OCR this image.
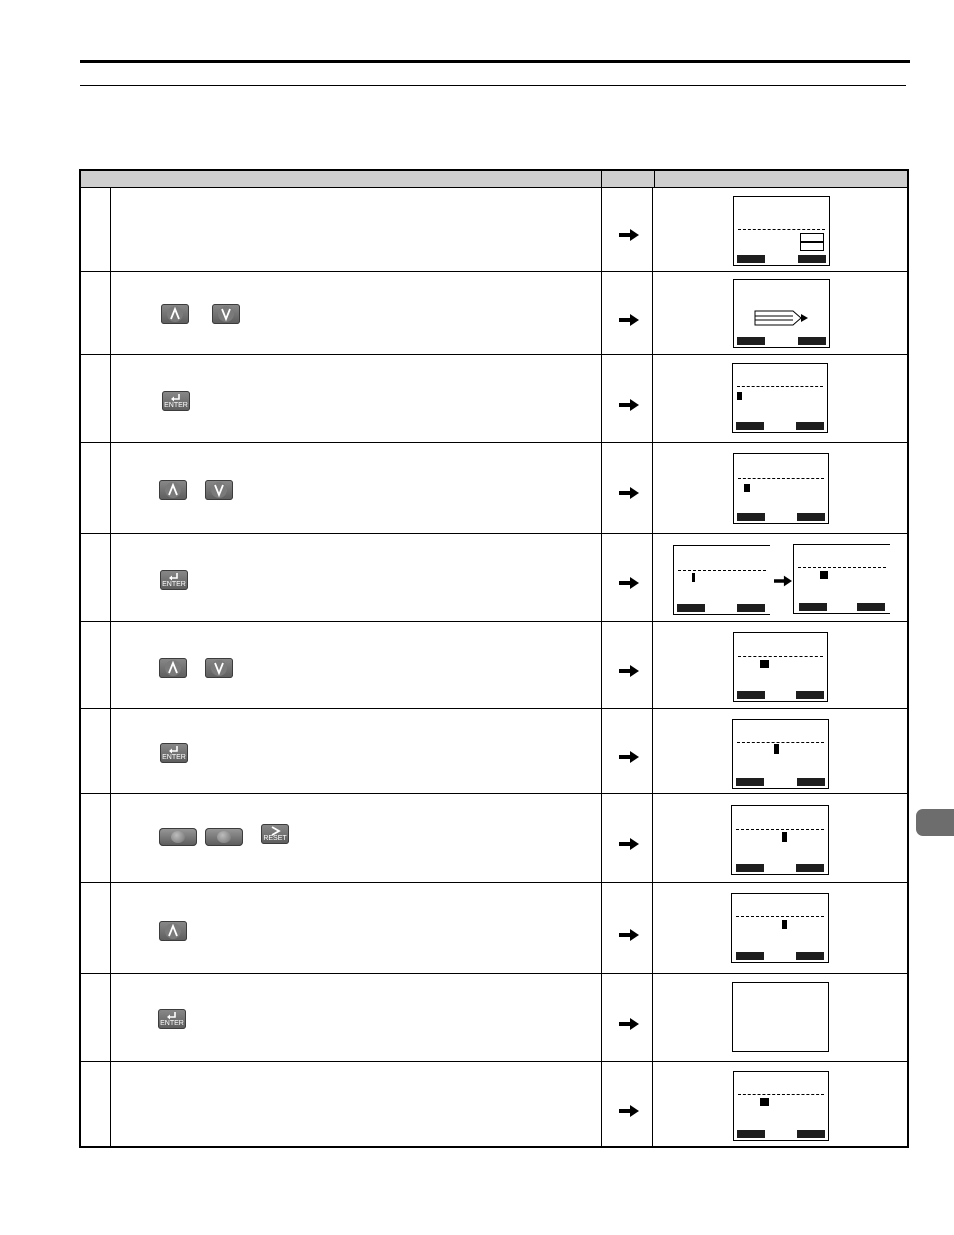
ENTER
ENTER
ENTER
RESET
ENTER
